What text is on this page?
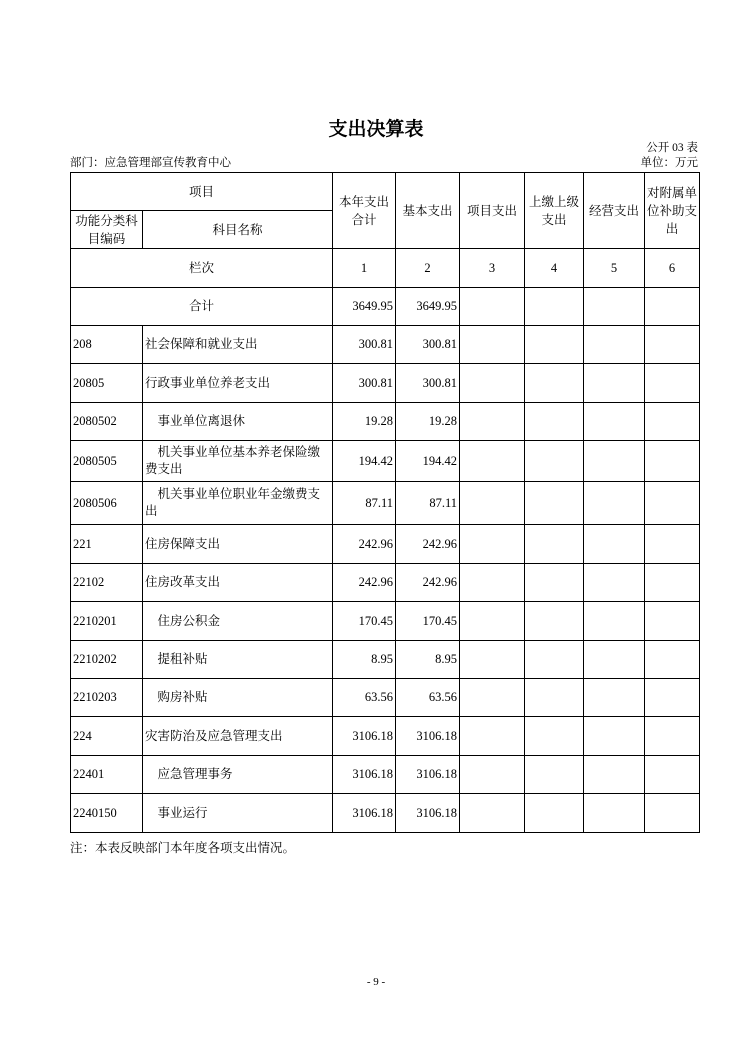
支出决算表
公开 03 表
部门：应急管理部宣传教育中心	单位：万元
项目		本年支出合计	基本支出	项目支出	上缴上级支出	经营支出	对附属单位补助支出
功能分类科目编码	科目名称						
栏次		1	2	3	4	5	6
合计		3649.95	3649.95				
208	社会保障和就业支出	300.81	300.81				
20805	行政事业单位养老支出	300.81	300.81				
2080502	事业单位离退休	19.28	19.28				
2080505	机关事业单位基本养老保险缴费支出	194.42	194.42				
2080506	机关事业单位职业年金缴费支出	87.11	87.11				
221	住房保障支出	242.96	242.96				
22102	住房改革支出	242.96	242.96				
2210201	住房公积金	170.45	170.45				
2210202	提租补贴	8.95	8.95				
2210203	购房补贴	63.56	63.56				
224	灾害防治及应急管理支出	3106.18	3106.18				
22401	应急管理事务	3106.18	3106.18				
2240150	事业运行	3106.18	3106.18				
注：本表反映部门本年度各项支出情况。
- 9 -
